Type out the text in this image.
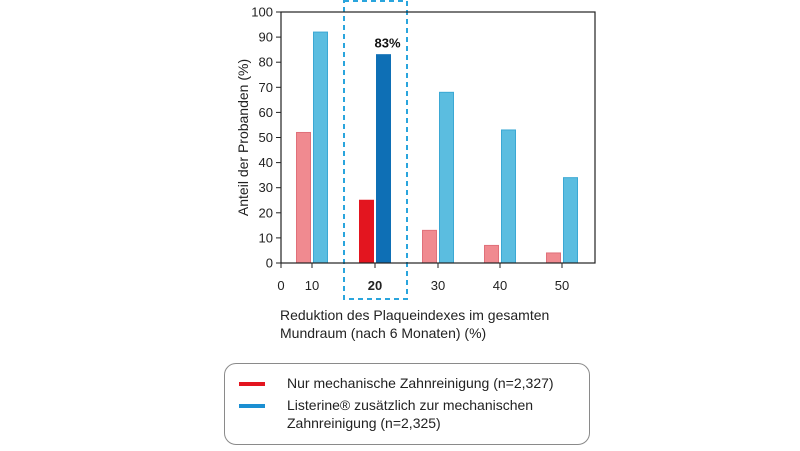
0
10
20
30
40
50
60
70
80
90
100
0 10	20	30	40	50
Anteil der Probanden (%)
83%
Reduktion des Plaqueindexes im gesamten
Mundraum (nach 6 Monaten) (%)
Nur mechanische Zahnreinigung (n=2,327)
Listerine® zusätzlich zur mechanischen
Zahnreinigung (n=2,325)
